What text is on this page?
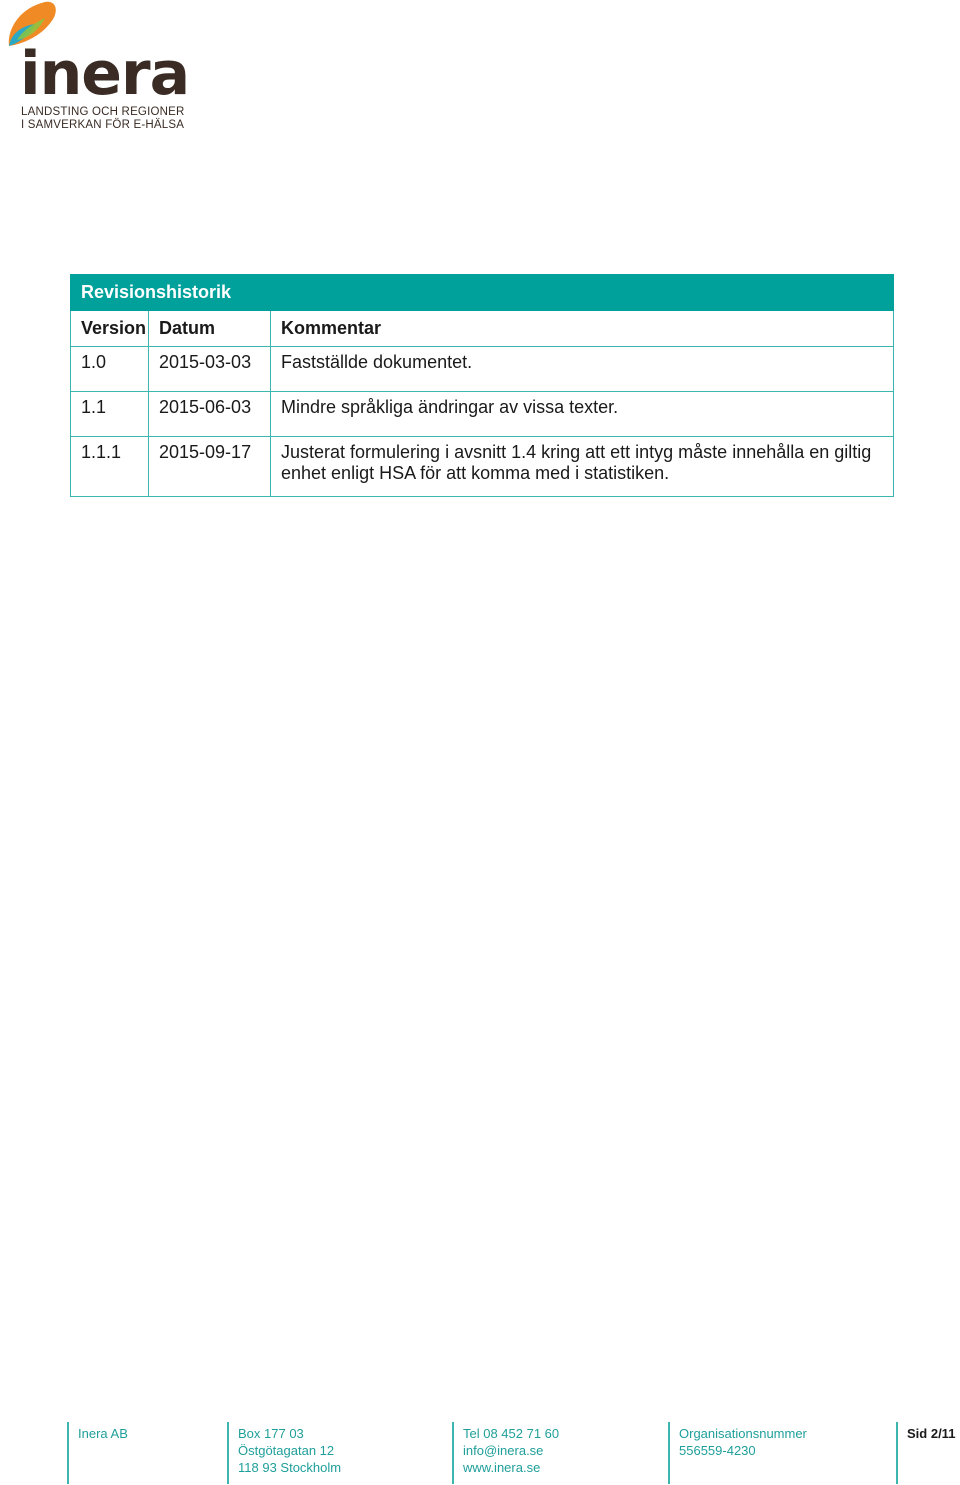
inera
LANDSTING OCH REGIONER
I SAMVERKAN FÖR E-HÄLSA
Revisionshistorik		
Version	Datum	Kommentar
1.0	2015-03-03	Fastställde dokumentet.
1.1	2015-06-03	Mindre språkliga ändringar av vissa texter.
1.1.1	2015-09-17	Justerat formulering i avsnitt 1.4 kring att ett intyg måste innehålla en giltig enhet enligt HSA för att komma med i statistiken.
Inera AB	Box 177 03
Östgötagatan 12
118 93 Stockholm
Tel 08 452 71 60
info@inera.se
www.inera.se
Organisationsnummer
556559-4230
Sid 2/11
